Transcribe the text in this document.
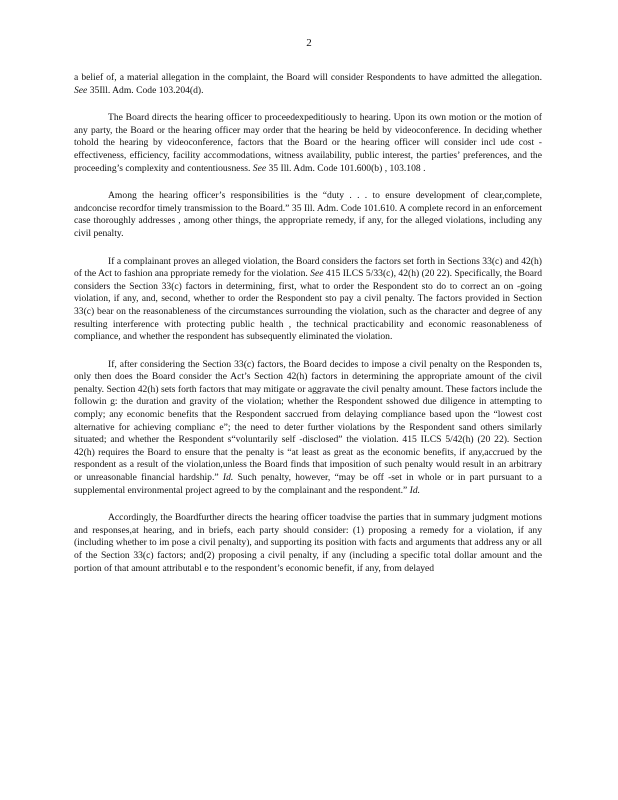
2

a belief of, a material allegation in the complaint, the Board will consider Respondents to have admitted the allegation. See 35Ill. Adm. Code 103.204(d).

The Board directs the hearing officer to proceedexpeditiously to hearing. Upon its own motion or the motion of any party, the Board or the hearing officer may order that the hearing be held by videoconference. In deciding whether tohold the hearing by videoconference, factors that the Board or the hearing officer will consider incl ude cost -effectiveness, efficiency, facility accommodations, witness availability, public interest, the parties’ preferences, and the proceeding’s complexity and contentiousness. See 35 Ill. Adm. Code 101.600(b) , 103.108 .

Among the hearing officer’s responsibilities is the “duty . . . to ensure development of clear,complete, andconcise recordfor timely transmission to the Board.” 35 Ill. Adm. Code 101.610. A complete record in an enforcement case thoroughly addresses , among other things, the appropriate remedy, if any, for the alleged violations, including any civil penalty.

If a complainant proves an alleged violation, the Board considers the factors set forth in Sections 33(c) and 42(h) of the Act to fashion ana ppropriate remedy for the violation. See 415 ILCS 5/33(c), 42(h) (20 22). Specifically, the Board considers the Section 33(c) factors in determining, first, what to order the Respondent sto do to correct an on -going violation, if any, and, second, whether to order the Respondent sto pay a civil penalty. The factors provided in Section 33(c) bear on the reasonableness of the circumstances surrounding the violation, such as the character and degree of any resulting interference with protecting public health , the technical practicability and economic reasonableness of compliance, and whether the respondent has subsequently eliminated the violation.

If, after considering the Section 33(c) factors, the Board decides to impose a civil penalty on the Responden ts, only then does the Board consider the Act’s Section 42(h) factors in determining the appropriate amount of the civil penalty. Section 42(h) sets forth factors that may mitigate or aggravate the civil penalty amount. These factors include the followin g: the duration and gravity of the violation; whether the Respondent sshowed due diligence in attempting to comply; any economic benefits that the Respondent saccrued from delaying compliance based upon the “lowest cost alternative for achieving complianc e”; the need to deter further violations by the Respondent sand others similarly situated; and whether the Respondent s“voluntarily self -disclosed” the violation. 415 ILCS 5/42(h) (20 22). Section 42(h) requires the Board to ensure that the penalty is “at least as great as the economic benefits, if any,accrued by the respondent as a result of the violation,unless the Board finds that imposition of such penalty would result in an arbitrary or unreasonable financial hardship.” Id. Such penalty, however, “may be off -set in whole or in part pursuant to a supplemental environmental project agreed to by the complainant and the respondent.” Id.

Accordingly, the Boardfurther directs the hearing officer toadvise the parties that in summary judgment motions and responses,at hearing, and in briefs, each party should consider: (1) proposing a remedy for a violation, if any (including whether to im pose a civil penalty), and supporting its position with facts and arguments that address any or all of the Section 33(c) factors; and(2) proposing a civil penalty, if any (including a specific total dollar amount and the portion of that amount attributabl e to the respondent’s economic benefit, if any, from delayed
